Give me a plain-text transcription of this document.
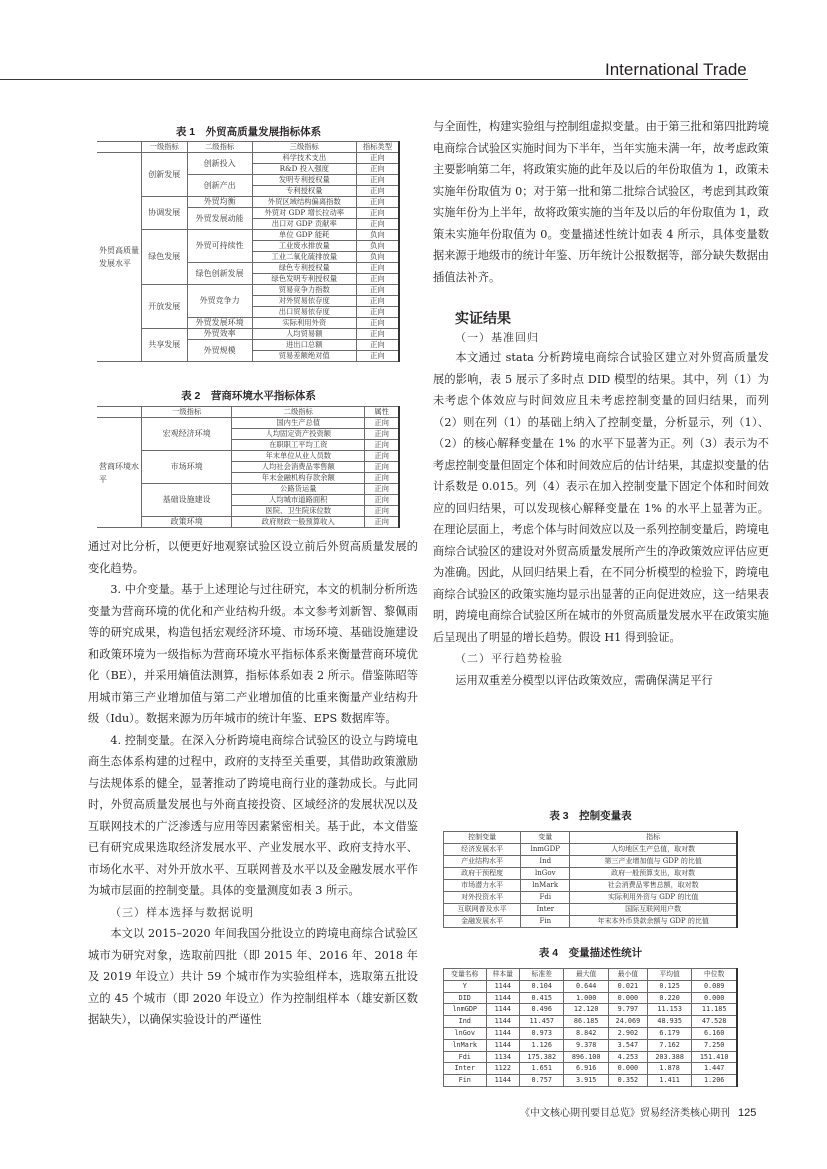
International Trade
表 1　外贸高质量发展指标体系
	一级指标	二级指标	三级指标	指标类型
外贸高质量发展水平	创新发展	创新投入	科学技术支出	正向
			R&D 投入强度	正向
		创新产出	发明专利授权量	正向
			专利授权量	正向
	协调发展	外贸均衡	外贸区域结构偏离指数	正向
		外贸发展动能	外贸对 GDP 增长拉动率	正向
			出口对 GDP 贡献率	正向
	绿色发展	外贸可持续性	单位 GDP 能耗	负向
			工业废水排放量	负向
			工业二氧化硫排放量	负向
		绿色创新发展	绿色专利授权量	正向
			绿色发明专利授权量	正向
	开放发展	外贸竞争力	贸易竞争力指数	正向
			对外贸易依存度	正向
			出口贸易依存度	正向
		外贸发展环境	实际利用外资	正向
	共享发展	外贸效率	人均贸易额	正向
		外贸规模	进出口总额	正向
			贸易差额绝对值	正向
表 2　营商环境水平指标体系
	一级指标	二级指标	属性
营商环境水平	宏观经济环境	国内生产总值	正向
		人均固定资产投资额	正向
		在职职工平均工资	正向
	市场环境	年末单位从业人员数	正向
		人均社会消费品零售额	正向
		年末金融机构存款余额	正向
	基础设施建设	公路货运量	正向
		人均城市道路面积	正向
		医院、卫生院床位数	正向
	政策环境	政府财政一般预算收入	正向

通过对比分析，以便更好地观察试验区设立前后外贸高质量发展的变化趋势。

3. 中介变量。基于上述理论与过往研究，本文的机制分析所选变量为营商环境的优化和产业结构升级。本文参考刘新智、黎佩雨等的研究成果，构造包括宏观经济环境、市场环境、基础设施建设和政策环境为一级指标为营商环境水平指标体系来衡量营商环境优化（BE），并采用熵值法测算，指标体系如表 2 所示。借鉴陈昭等用城市第三产业增加值与第二产业增加值的比重来衡量产业结构升级（Idu）。数据来源为历年城市的统计年鉴、EPS 数据库等。

4. 控制变量。在深入分析跨境电商综合试验区的设立与跨境电商生态体系构建的过程中，政府的支持至关重要，其借助政策激励与法规体系的健全，显著推动了跨境电商行业的蓬勃成长。与此同时，外贸高质量发展也与外商直接投资、区域经济的发展状况以及互联网技术的广泛渗透与应用等因素紧密相关。基于此，本文借鉴已有研究成果选取经济发展水平、产业发展水平、政府支持水平、市场化水平、对外开放水平、互联网普及水平以及金融发展水平作为城市层面的控制变量。具体的变量测度如表 3 所示。

（三）样本选择与数据说明

本文以 2015–2020 年间我国分批设立的跨境电商综合试验区城市为研究对象，选取前四批（即 2015 年、2016 年、2018 年及 2019 年设立）共计 59 个城市作为实验组样本，选取第五批设立的 45 个城市（即 2020 年设立）作为控制组样本（雄安新区数据缺失），以确保实验设计的严谨性

与全面性，构建实验组与控制组虚拟变量。由于第三批和第四批跨境电商综合试验区实施时间为下半年，当年实施未满一年，故考虑政策主要影响第二年，将政策实施的此年及以后的年份取值为 1，政策未实施年份取值为 0；对于第一批和第二批综合试验区，考虑到其政策实施年份为上半年，故将政策实施的当年及以后的年份取值为 1，政策未实施年份取值为 0。变量描述性统计如表 4 所示，具体变量数据来源于地级市的统计年鉴、历年统计公报数据等，部分缺失数据由插值法补齐。

实证结果

（一）基准回归

本文通过 stata 分析跨境电商综合试验区建立对外贸高质量发展的影响，表 5 展示了多时点 DID 模型的结果。其中，列（1）为未考虑个体效应与时间效应且未考虑控制变量的回归结果，而列（2）则在列（1）的基础上纳入了控制变量，分析显示，列（1）、（2）的核心解释变量在 1% 的水平下显著为正。列（3）表示为不考虑控制变量但固定个体和时间效应后的估计结果，其虚拟变量的估计系数是 0.015。列（4）表示在加入控制变量下固定个体和时间效应的回归结果，可以发现核心解释变量在 1% 的水平上显著为正。在理论层面上，考虑个体与时间效应以及一系列控制变量后，跨境电商综合试验区的建设对外贸高质量发展所产生的净政策效应评估应更为准确。因此，从回归结果上看，在不同分析模型的检验下，跨境电商综合试验区的政策实施均显示出显著的正向促进效应，这一结果表明，跨境电商综合试验区所在城市的外贸高质量发展水平在政策实施后呈现出了明显的增长趋势。假设 H1 得到验证。

（二）平行趋势检验

运用双重差分模型以评估政策效应，需确保满足平行

表 3　控制变量表
控制变量	变量	指标
经济发展水平	lnmGDP	人均地区生产总值，取对数
产业结构水平	Ind	第三产业增加值与 GDP 的比值
政府干预程度	lnGov	政府一般预算支出，取对数
市场潜力水平	lnMark	社会消费品零售总额，取对数
对外投资水平	Fdi	实际利用外资与 GDP 的比值
互联网普及水平	Inter	国际互联网用户数
金融发展水平	Fin	年末本外币贷款余额与 GDP 的比值
表 4　变量描述性统计
变量名称	样本量	标准差	最大值	最小值	平均值	中位数
Y	1144	0.104	0.644	0.021	0.125	0.089
DID	1144	0.415	1.000	0.000	0.220	0.000
lnmGDP	1144	0.496	12.120	9.797	11.153	11.185
Ind	1144	11.457	86.185	24.069	48.935	47.528
lnGov	1144	0.973	8.842	2.902	6.179	6.160
lnMark	1144	1.126	9.378	3.547	7.162	7.250
Fdi	1134	175.382	896.100	4.253	203.388	151.410
Inter	1122	1.651	6.916	0.000	1.878	1.447
Fin	1144	0.757	3.915	0.352	1.411	1.206
《中文核心期刊要目总览》贸易经济类核心期刊 125
